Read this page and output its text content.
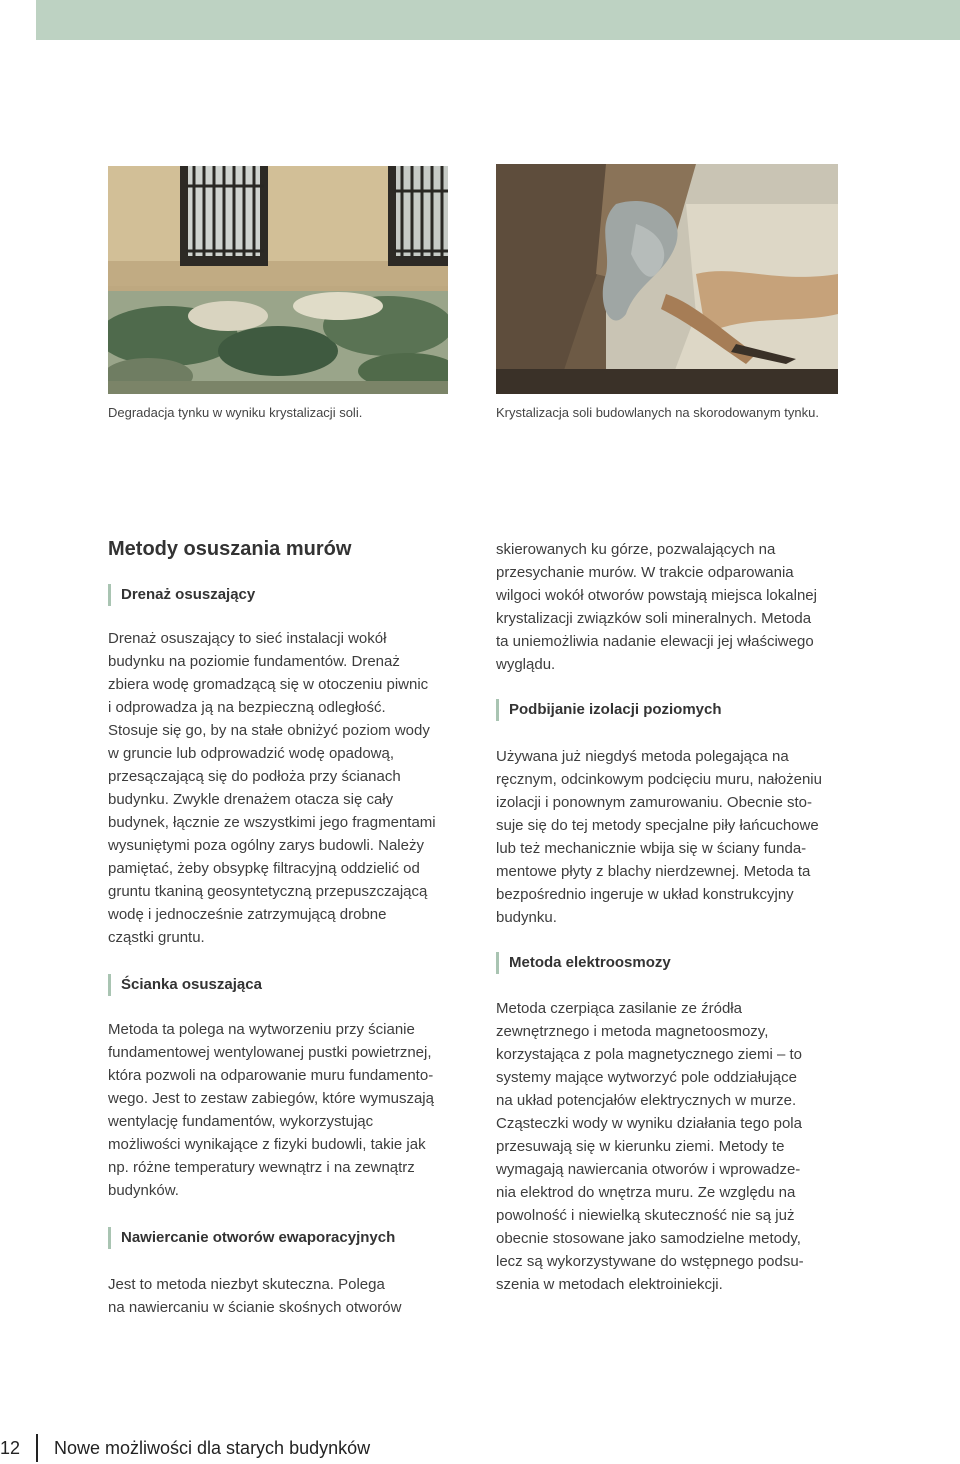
Degradacja tynku w wyniku krystalizacji soli.	Krystalizacja soli budowlanych na skorodowanym tynku.
Metody osuszania murów
Drenaż osuszający

Drenaż osuszający to sieć instalacji wokół
budynku na poziomie fundamentów. Drenaż
zbiera wodę gromadzącą się w otoczeniu piwnic
i odprowadza ją na bezpieczną odległość.
Stosuje się go, by na stałe obniżyć poziom wody
w gruncie lub odprowadzić wodę opadową,
przesączającą się do podłoża przy ścianach
budynku. Zwykle drenażem otacza się cały
budynek, łącznie ze wszystkimi jego fragmentami
wysuniętymi poza ogólny zarys budowli. Należy
pamiętać, żeby obsypkę filtracyjną oddzielić od
gruntu tkaniną geosyntetyczną przepuszczającą
wodę i jednocześnie zatrzymującą drobne
cząstki gruntu.

Ścianka osuszająca

Metoda ta polega na wytworzeniu przy ścianie
fundamentowej wentylowanej pustki powietrznej,
która pozwoli na odparowanie muru fundamento-
wego. Jest to zestaw zabiegów, które wymuszają
wentylację fundamentów, wykorzystując
możliwości wynikające z fizyki budowli, takie jak
np. różne temperatury wewnątrz i na zewnątrz
budynków.

Nawiercanie otworów ewaporacyjnych

Jest to metoda niezbyt skuteczna. Polega
na nawiercaniu w ścianie skośnych otworów

skierowanych ku górze, pozwalających na
przesychanie murów. W trakcie odparowania
wilgoci wokół otworów powstają miejsca lokalnej
krystalizacji związków soli mineralnych. Metoda
ta uniemożliwia nadanie elewacji jej właściwego
wyglądu.

Podbijanie izolacji poziomych

Używana już niegdyś metoda polegająca na
ręcznym, odcinkowym podcięciu muru, nałożeniu
izolacji i ponownym zamurowaniu. Obecnie sto-
suje się do tej metody specjalne piły łańcuchowe
lub też mechanicznie wbija się w ściany funda-
mentowe płyty z blachy nierdzewnej. Metoda ta
bezpośrednio ingeruje w układ konstrukcyjny
budynku.

Metoda elektroosmozy

Metoda czerpiąca zasilanie ze źródła
zewnętrznego i metoda magnetoosmozy,
korzystająca z pola magnetycznego ziemi – to
systemy mające wytworzyć pole oddziałujące
na układ potencjałów elektrycznych w murze.
Cząsteczki wody w wyniku działania tego pola
przesuwają się w kierunku ziemi. Metody te
wymagają nawiercania otworów i wprowadze-
nia elektrod do wnętrza muru. Ze względu na
powolność i niewielką skuteczność nie są już
obecnie stosowane jako samodzielne metody,
lecz są wykorzystywane do wstępnego podsu-
szenia w metodach elektroiniekcji.

12 Nowe możliwości dla starych budynków
